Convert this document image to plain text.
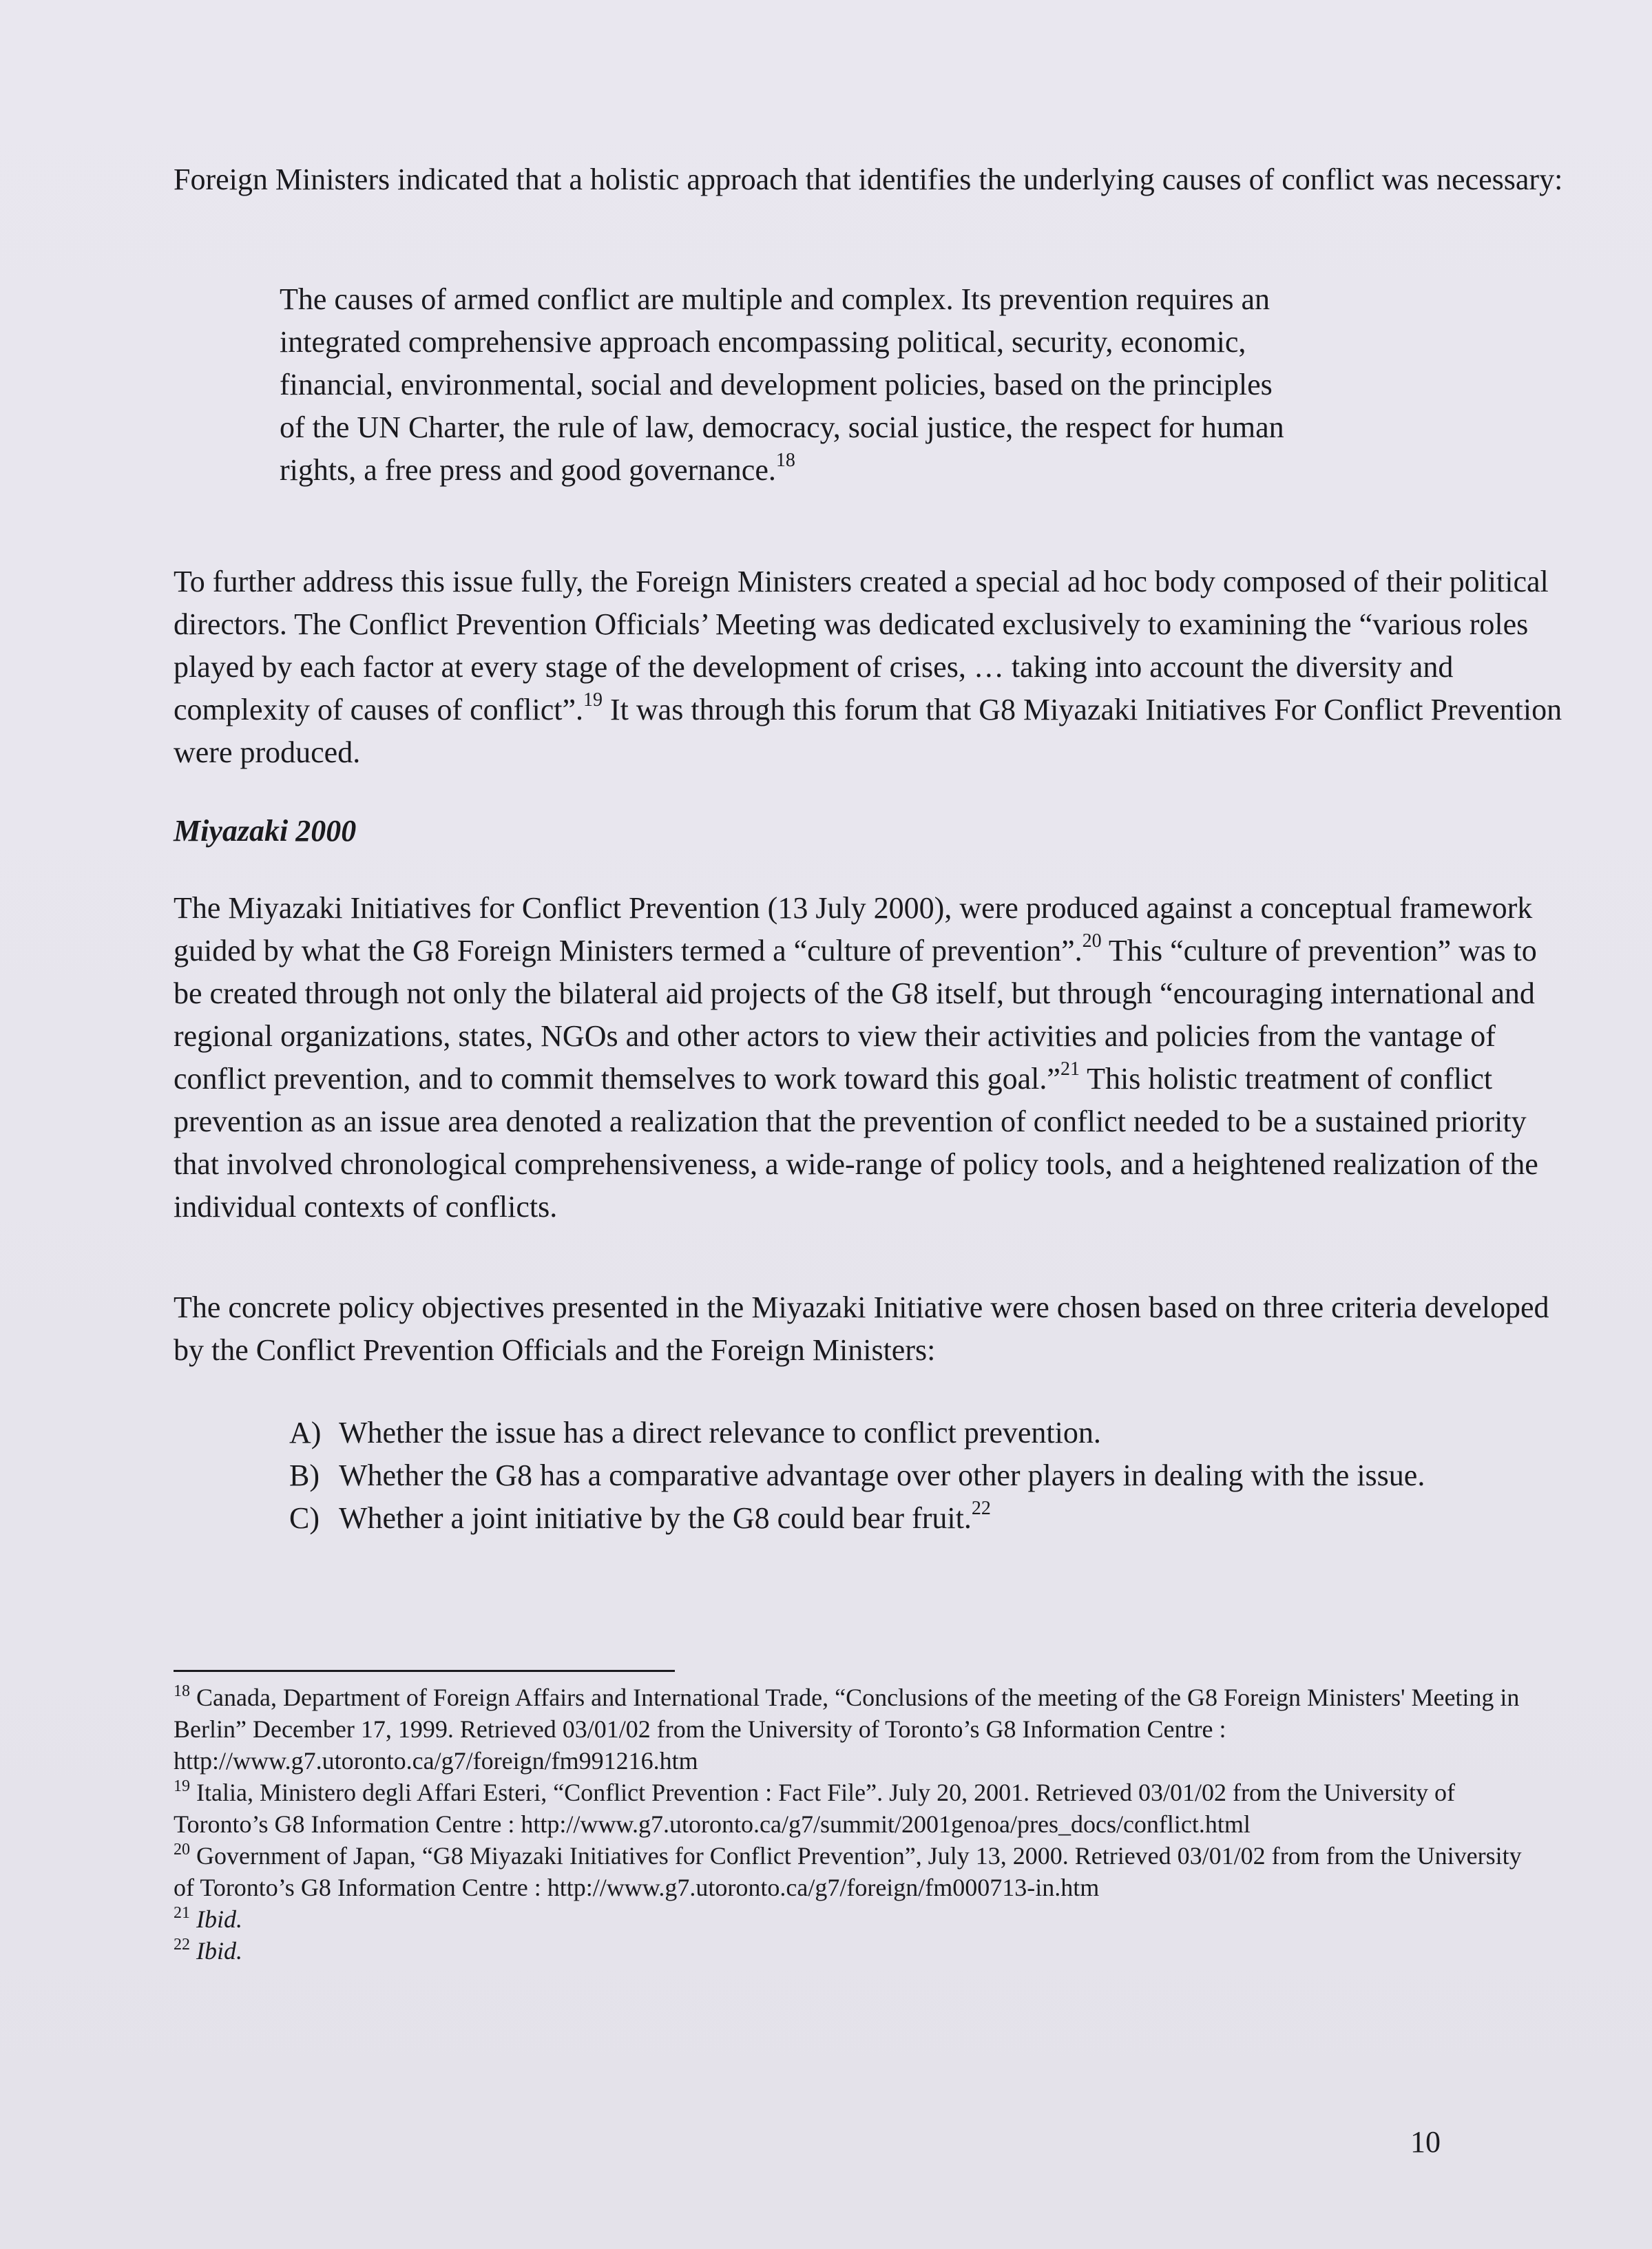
Foreign Ministers indicated that a holistic approach that identifies the underlying causes of conflict was necessary:

The causes of armed conflict are multiple and complex. Its prevention requires an integrated comprehensive approach encompassing political, security, economic, financial, environmental, social and development policies, based on the principles of the UN Charter, the rule of law, democracy, social justice, the respect for human rights, a free press and good governance.$^{18}$

To further address this issue fully, the Foreign Ministers created a special ad hoc body composed of their political directors. The Conflict Prevention Officials’ Meeting was dedicated exclusively to examining the “various roles played by each factor at every stage of the development of crises, … taking into account the diversity and complexity of causes of conflict”.$^{19}$ It was through this forum that G8 Miyazaki Initiatives For Conflict Prevention were produced.

Miyazaki 2000

The Miyazaki Initiatives for Conflict Prevention (13 July 2000), were produced against a conceptual framework guided by what the G8 Foreign Ministers termed a “culture of prevention”.$^{20}$ This “culture of prevention” was to be created through not only the bilateral aid projects of the G8 itself, but through “encouraging international and regional organizations, states, NGOs and other actors to view their activities and policies from the vantage of conflict prevention, and to commit themselves to work toward this goal.”$^{21}$ This holistic treatment of conflict prevention as an issue area denoted a realization that the prevention of conflict needed to be a sustained priority that involved chronological comprehensiveness, a wide-range of policy tools, and a heightened realization of the individual contexts of conflicts.

The concrete policy objectives presented in the Miyazaki Initiative were chosen based on three criteria developed by the Conflict Prevention Officials and the Foreign Ministers:

A) Whether the issue has a direct relevance to conflict prevention.
B) Whether the G8 has a comparative advantage over other players in dealing with the issue.
C) Whether a joint initiative by the G8 could bear fruit.$^{22}$

$^{18}$ Canada, Department of Foreign Affairs and International Trade, “Conclusions of the meeting of the G8 Foreign Ministers' Meeting in Berlin” December 17, 1999. Retrieved 03/01/02 from the University of Toronto’s G8 Information Centre : http://www.g7.utoronto.ca/g7/foreign/fm991216.htm

$^{19}$ Italia, Ministero degli Affari Esteri, “Conflict Prevention : Fact File”. July 20, 2001. Retrieved 03/01/02 from the University of Toronto’s G8 Information Centre : http://www.g7.utoronto.ca/g7/summit/2001genoa/pres_docs/conflict.html

$^{20}$ Government of Japan, “G8 Miyazaki Initiatives for Conflict Prevention”, July 13, 2000. Retrieved 03/01/02 from from the University of Toronto’s G8 Information Centre : http://www.g7.utoronto.ca/g7/foreign/fm000713-in.htm

$^{21}$ Ibid.

$^{22}$ Ibid.

10
